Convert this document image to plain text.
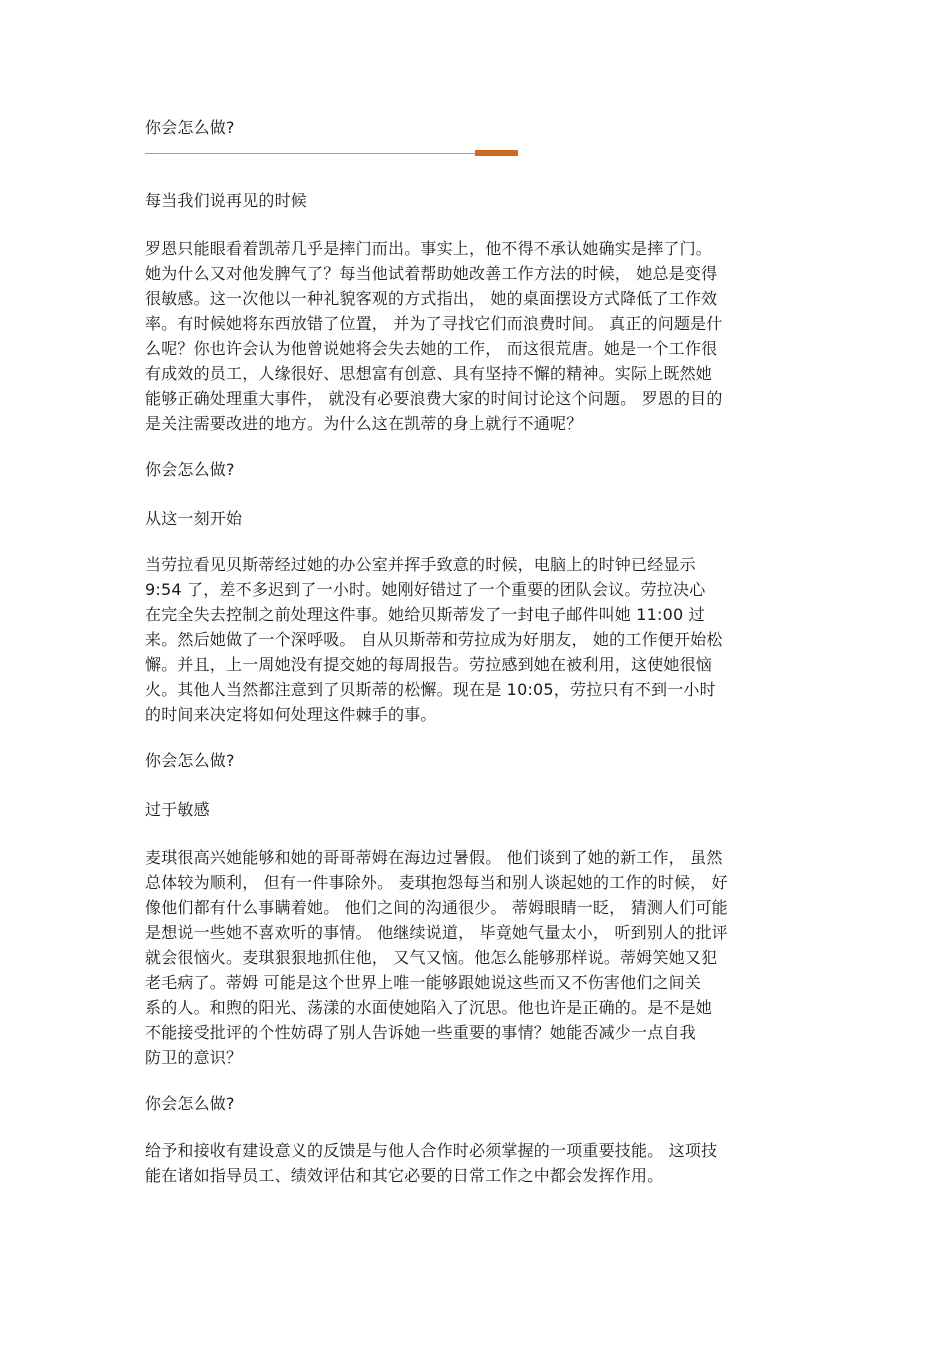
你会怎么做?
每当我们说再见的时候
罗恩只能眼看着凯蒂几乎是摔门而出。事实上，他不得不承认她确实是摔了门。
她为什么又对他发脾气了？每当他试着帮助她改善工作方法的时候， 她总是变得
很敏感。这一次他以一种礼貌客观的方式指出， 她的桌面摆设方式降低了工作效
率。有时候她将东西放错了位置， 并为了寻找它们而浪费时间。 真正的问题是什
么呢？你也许会认为他曾说她将会失去她的工作， 而这很荒唐。她是一个工作很
有成效的员工，人缘很好、思想富有创意、具有坚持不懈的精神。实际上既然她
能够正确处理重大事件， 就没有必要浪费大家的时间讨论这个问题。 罗恩的目的
是关注需要改进的地方。为什么这在凯蒂的身上就行不通呢？
你会怎么做?
从这一刻开始
当劳拉看见贝斯蒂经过她的办公室并挥手致意的时候，电脑上的时钟已经显示
9:54 了，差不多迟到了一小时。她刚好错过了一个重要的团队会议。劳拉决心
在完全失去控制之前处理这件事。她给贝斯蒂发了一封电子邮件叫她 11:00 过
来。然后她做了一个深呼吸。 自从贝斯蒂和劳拉成为好朋友， 她的工作便开始松
懈。并且，上一周她没有提交她的每周报告。劳拉感到她在被利用，这使她很恼
火。其他人当然都注意到了贝斯蒂的松懈。现在是 10:05，劳拉只有不到一小时
的时间来决定将如何处理这件棘手的事。
你会怎么做?
过于敏感
麦琪很高兴她能够和她的哥哥蒂姆在海边过暑假。 他们谈到了她的新工作， 虽然
总体较为顺利， 但有一件事除外。 麦琪抱怨每当和别人谈起她的工作的时候， 好
像他们都有什么事瞒着她。 他们之间的沟通很少。 蒂姆眼睛一眨， 猜测人们可能
是想说一些她不喜欢听的事情。 他继续说道， 毕竟她气量太小， 听到别人的批评
就会很恼火。麦琪狠狠地抓住他， 又气又恼。他怎么能够那样说。蒂姆笑她又犯
老毛病了。蒂姆 可能是这个世界上唯一能够跟她说这些而又不伤害他们之间关
系的人。和煦的阳光、荡漾的水面使她陷入了沉思。他也许是正确的。是不是她
不能接受批评的个性妨碍了别人告诉她一些重要的事情？她能否减少一点自我
防卫的意识？
你会怎么做?
给予和接收有建设意义的反馈是与他人合作时必须掌握的一项重要技能。 这项技
能在诸如指导员工、绩效评估和其它必要的日常工作之中都会发挥作用。
